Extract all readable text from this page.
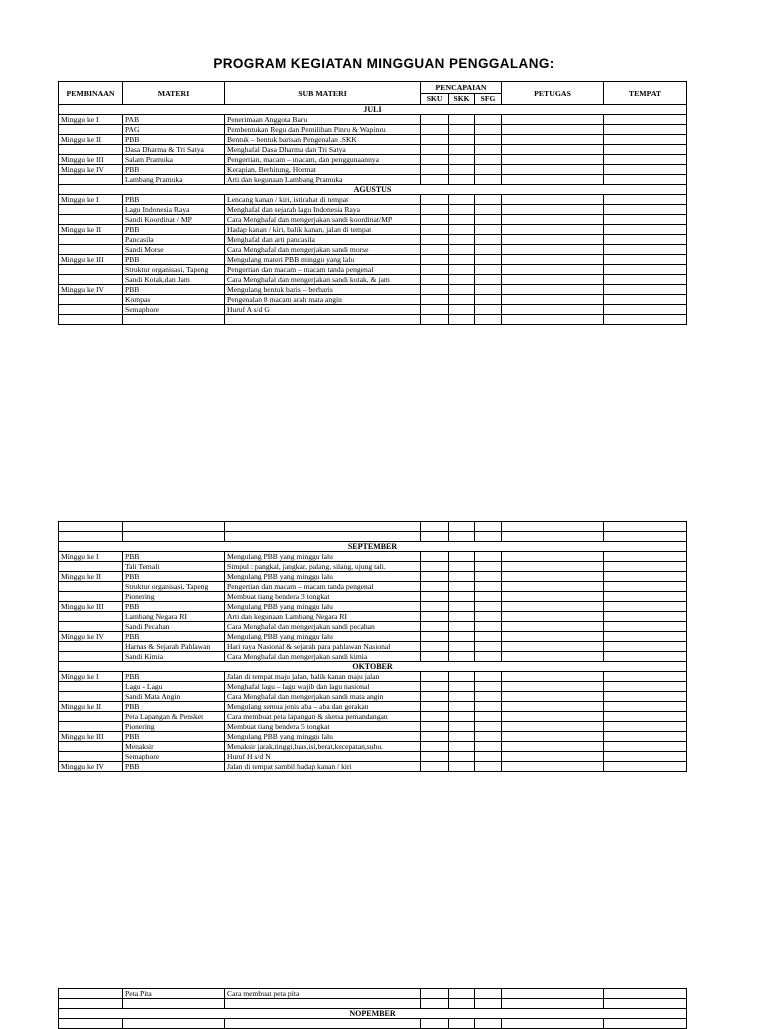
PROGRAM KEGIATAN MINGGUAN PENGGALANG:
PEMBINAAN	MATERI	SUB MATERI	PENCAPAIAN			PETUGAS	TEMPAT
			SKU	SKK	SFG		
JULI							
Minggu ke I	PAB	Penerimaan Anggota Baru					
	PAG	Pembentukan Regu dan Pemilihan Pinru & Wapinru					
Minggu ke II	PBB	Bentuk – bentuk barisan Pengenalan .SKK					
	Dasa Dharma & Tri Satya	Menghafal Dasa Dharma dan Tri Satya					
Minggu ke III	Salam Pramuka	Pengertian, macam – macam, dan penggunaannya					
Minggu ke IV	PBB	Kerapian, Berhitung, Hormat					
	Lambang Pramuka	Arti dan kegunaan Lambang Pramuka					
AGUSTUS							
Minggu ke I	PBB	Lencang kanan / kiri, istirahat di tempat					
	Lagu Indonesia Raya	Menghafal dan sejarah lagu Indonesia Raya					
	Sandi Koordinat / MP	Cara Menghafal dan mengerjakan sandi koordinat/MP					
Minggu ke II	PBB	Hadap kanan / kiri, balik kanan, jalan di tempat					
	Pancasila	Menghafal dan arti pancasila					
	Sandi Morse	Cara Menghafal dan mengerjakan sandi morse					
Minggu ke III	PBB	Mengulang materi PBB minggu yang lalu					
	Struktur organisasi, Tapeng	Pengertian dan macam – macam tanda pengenal					
	Sandi Kotak,dan Jam	Cara Menghafal dan mengerjakan sandi kotak, & jam					
Minggu ke IV	PBB	Mengulang bentuk baris – berbaris					
	Kompas	Pengenalan 8 macam arah mata angin					
	Semaphore	Huruf A s/d G					

SEPTEMBER							
Minggu ke I	PBB	Mengulang PBB yang minggu lalu					
	Tali Temali	Simpul : pangkal, jangkar, palang, silang, ujung tali.					
Minggu ke II	PBB	Mengulang PBB yang minggu lalu					
	Struktur organisasi, Tapeng	Pengertian dan macam – macam tanda pengenal					
	Pionering	Membuat tiang bendera 3 tongkat					
Minggu ke III	PBB	Mengulang PBB yang minggu lalu					
	Lambang Negara RI	Arti dan kegunaan Lambang Negara RI					
	Sandi Pecahan	Cara Menghafal dan mengerjakan sandi pecahan					
Minggu ke IV	PBB	Mengulang PBB yang minggu lalu					
	Harnas & Sejarah Pahlawan	Hari raya Nasional & sejarah para pahlawan Nasional					
	Sandi Kimia	Cara Menghafal dan mengerjakan sandi kimia					
OKTOBER							
Minggu ke I	PBB	Jalan di tempat maju jalan, balik kanan maju jalan					
	Lagu - Lagu	Menghafal lagu – lagu wajib dan lagu nasional					
	Sandi Mata Angin	Cara Menghafal dan mengerjakan sandi mata angin					
Minggu ke II	PBB	Mengulang semua jenis aba – aba dan gerakan					
	Peta Lapangan & Pensket	Cara membuat peta lapangan & sketsa pemandangan					
	Pionering	Membuat tiang bendera 5 tongkat					
Minggu ke III	PBB	Mengulang PBB yang minggu lalu					
	Menaksir	Menaksir jarak,tinggi,luas,isi,berat,kecepatan,suhu.					
	Semaphore	Huruf H s/d N					
Minggu ke IV	PBB	Jalan di tempat sambil hadap kanan / kiri					
	Peta Pita	Cara membuat peta pita					

NOPEMBER							
